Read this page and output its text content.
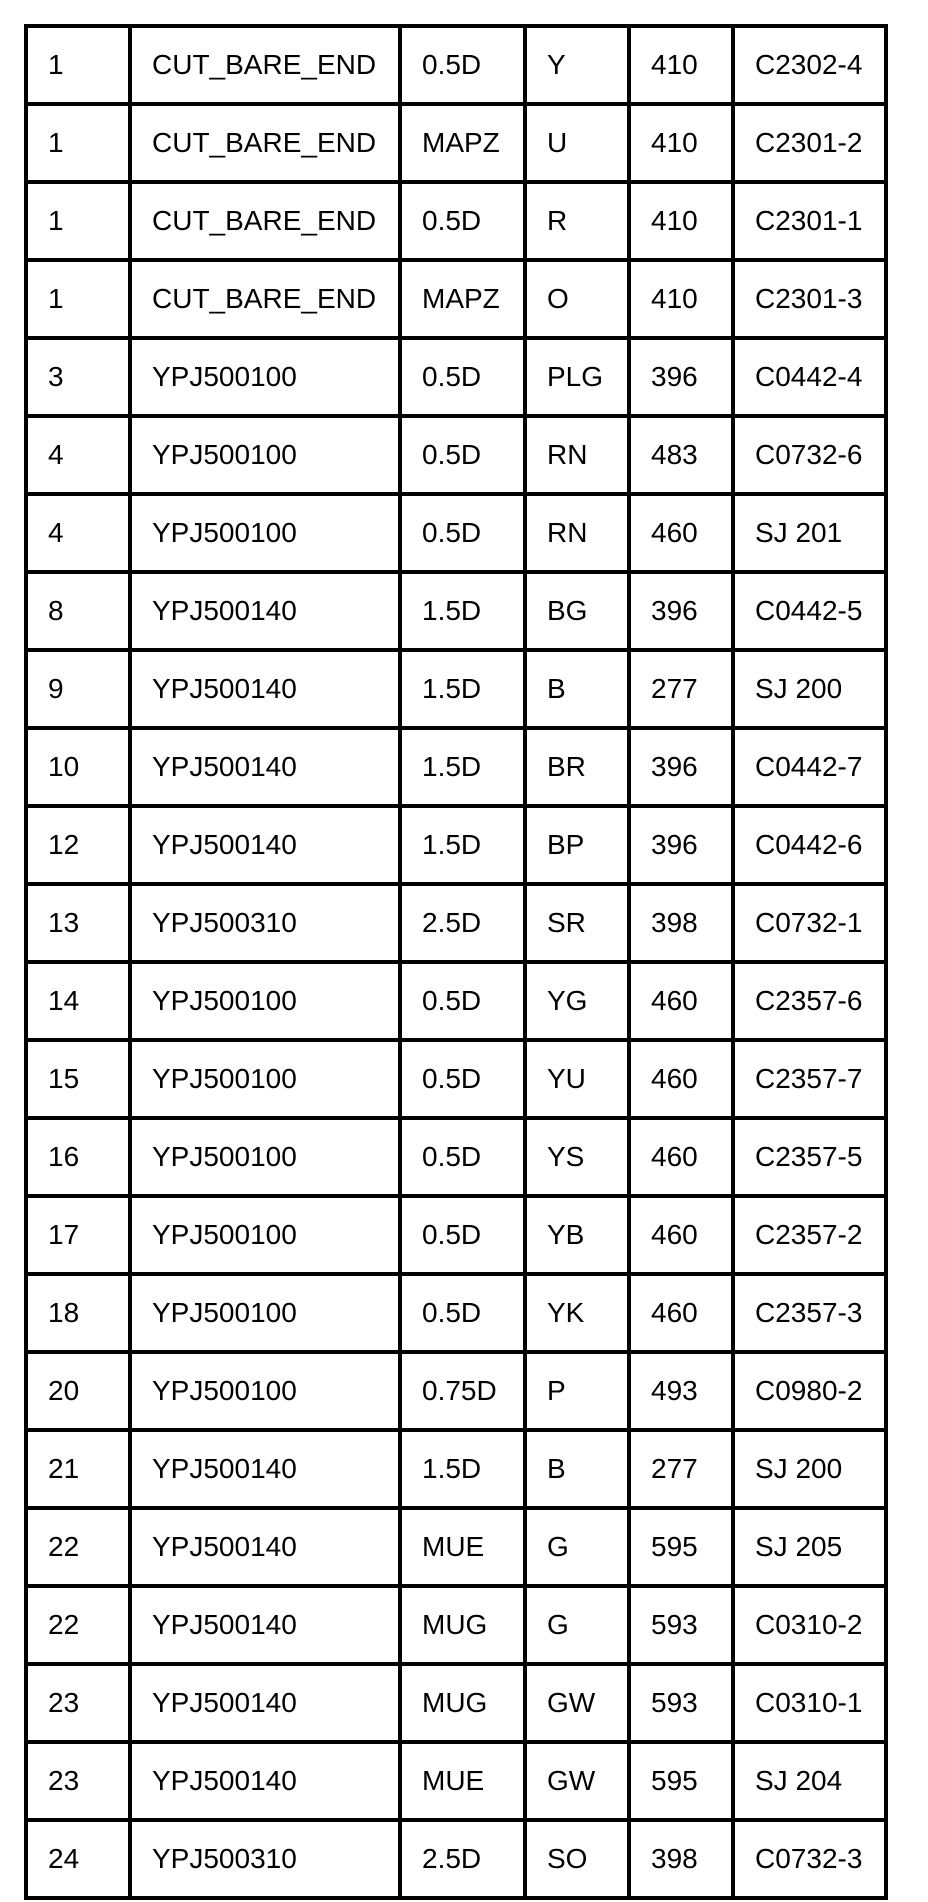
1	CUT_BARE_END	0.5D	Y	410	C2302-4
1	CUT_BARE_END	MAPZ	U	410	C2301-2
1	CUT_BARE_END	0.5D	R	410	C2301-1
1	CUT_BARE_END	MAPZ	O	410	C2301-3
3	YPJ500100	0.5D	PLG	396	C0442-4
4	YPJ500100	0.5D	RN	483	C0732-6
4	YPJ500100	0.5D	RN	460	SJ 201
8	YPJ500140	1.5D	BG	396	C0442-5
9	YPJ500140	1.5D	B	277	SJ 200
10	YPJ500140	1.5D	BR	396	C0442-7
12	YPJ500140	1.5D	BP	396	C0442-6
13	YPJ500310	2.5D	SR	398	C0732-1
14	YPJ500100	0.5D	YG	460	C2357-6
15	YPJ500100	0.5D	YU	460	C2357-7
16	YPJ500100	0.5D	YS	460	C2357-5
17	YPJ500100	0.5D	YB	460	C2357-2
18	YPJ500100	0.5D	YK	460	C2357-3
20	YPJ500100	0.75D	P	493	C0980-2
21	YPJ500140	1.5D	B	277	SJ 200
22	YPJ500140	MUE	G	595	SJ 205
22	YPJ500140	MUG	G	593	C0310-2
23	YPJ500140	MUG	GW	593	C0310-1
23	YPJ500140	MUE	GW	595	SJ 204
24	YPJ500310	2.5D	SO	398	C0732-3
